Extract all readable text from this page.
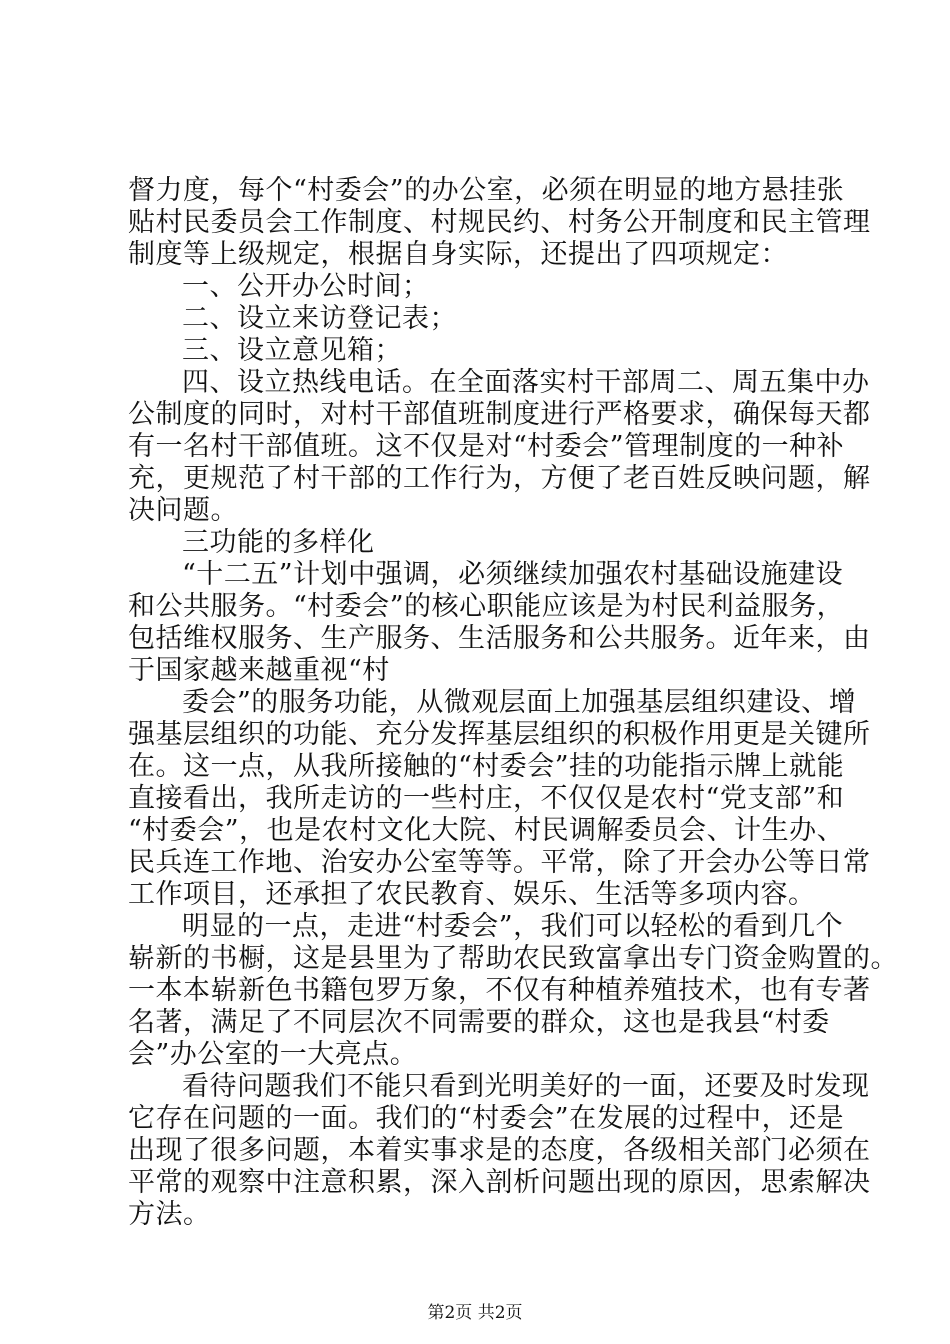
督力度，每个“村委会”的办公室，必须在明显的地方悬挂张
贴村民委员会工作制度、村规民约、村务公开制度和民主管理
制度等上级规定，根据自身实际，还提出了四项规定：
一、公开办公时间；
二、设立来访登记表；
三、设立意见箱；
四、设立热线电话。在全面落实村干部周二、周五集中办
公制度的同时，对村干部值班制度进行严格要求，确保每天都
有一名村干部值班。这不仅是对“村委会”管理制度的一种补
充，更规范了村干部的工作行为，方便了老百姓反映问题，解
决问题。
三功能的多样化
“十二五”计划中强调，必须继续加强农村基础设施建设
和公共服务。“村委会”的核心职能应该是为村民利益服务，
包括维权服务、生产服务、生活服务和公共服务。近年来，由
于国家越来越重视“村
委会”的服务功能，从微观层面上加强基层组织建设、增
强基层组织的功能、充分发挥基层组织的积极作用更是关键所
在。这一点，从我所接触的“村委会”挂的功能指示牌上就能
直接看出，我所走访的一些村庄，不仅仅是农村“党支部”和
“村委会”，也是农村文化大院、村民调解委员会、计生办、
民兵连工作地、治安办公室等等。平常，除了开会办公等日常
工作项目，还承担了农民教育、娱乐、生活等多项内容。
明显的一点，走进“村委会”，我们可以轻松的看到几个
崭新的书橱，这是县里为了帮助农民致富拿出专门资金购置的。
一本本崭新色书籍包罗万象，不仅有种植养殖技术，也有专著
名著，满足了不同层次不同需要的群众，这也是我县“村委
会”办公室的一大亮点。
看待问题我们不能只看到光明美好的一面，还要及时发现
它存在问题的一面。我们的“村委会”在发展的过程中，还是
出现了很多问题，本着实事求是的态度，各级相关部门必须在
平常的观察中注意积累，深入剖析问题出现的原因，思索解决
方法。
第2页 共2页
